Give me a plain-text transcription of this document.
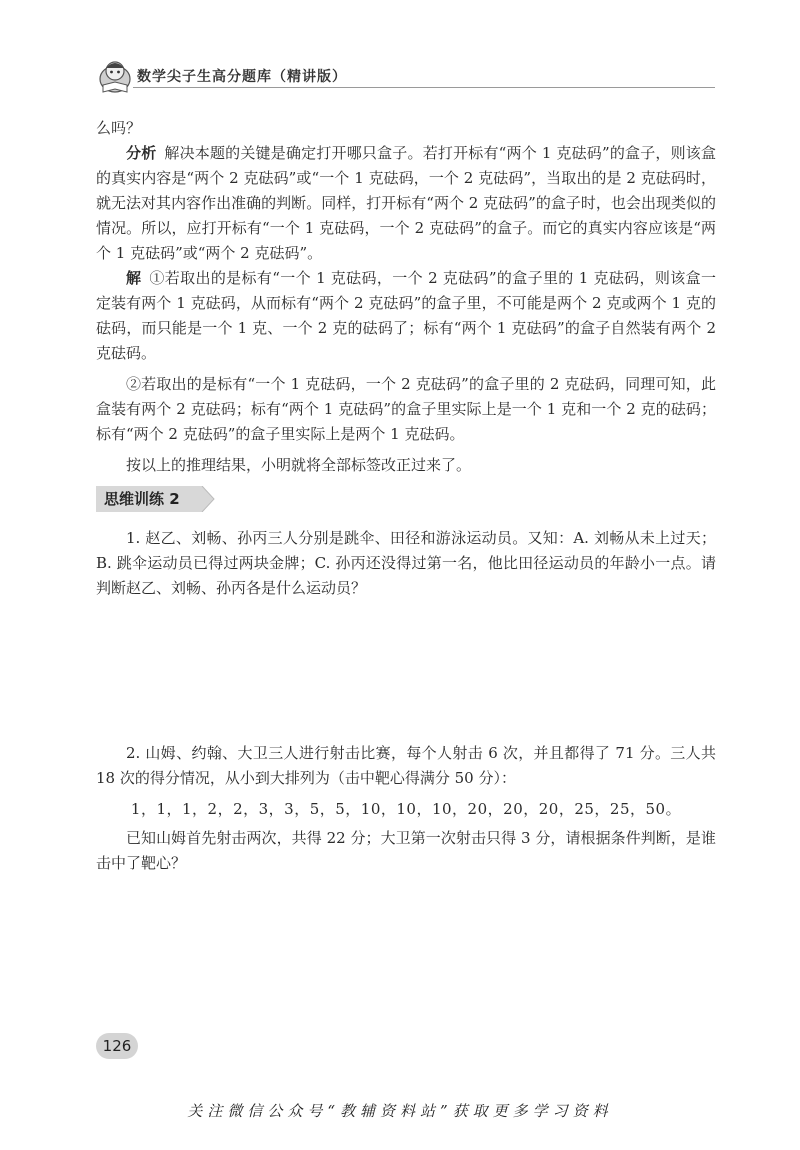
数学尖子生高分题库（精讲版）

么吗？

分析 解决本题的关键是确定打开哪只盒子。若打开标有“两个 1 克砝码”的盒子，则该盒的真实内容是“两个 2 克砝码”或“一个 1 克砝码，一个 2 克砝码”，当取出的是 2 克砝码时，就无法对其内容作出准确的判断。同样，打开标有“两个 2 克砝码”的盒子时，也会出现类似的情况。所以，应打开标有“一个 1 克砝码，一个 2 克砝码”的盒子。而它的真实内容应该是“两个 1 克砝码”或“两个 2 克砝码”。

解 ①若取出的是标有“一个 1 克砝码，一个 2 克砝码”的盒子里的 1 克砝码，则该盒一定装有两个 1 克砝码，从而标有“两个 2 克砝码”的盒子里，不可能是两个 2 克或两个 1 克的砝码，而只能是一个 1 克、一个 2 克的砝码了；标有“两个 1 克砝码”的盒子自然装有两个 2 克砝码。

②若取出的是标有“一个 1 克砝码，一个 2 克砝码”的盒子里的 2 克砝码，同理可知，此盒装有两个 2 克砝码；标有“两个 1 克砝码”的盒子里实际上是一个 1 克和一个 2 克的砝码；标有“两个 2 克砝码”的盒子里实际上是两个 1 克砝码。

按以上的推理结果，小明就将全部标签改正过来了。

思维训练 2

1. 赵乙、刘畅、孙丙三人分别是跳伞、田径和游泳运动员。又知：A. 刘畅从未上过天；B. 跳伞运动员已得过两块金牌；C. 孙丙还没得过第一名，他比田径运动员的年龄小一点。请判断赵乙、刘畅、孙丙各是什么运动员？

2. 山姆、约翰、大卫三人进行射击比赛，每个人射击 6 次，并且都得了 71 分。三人共 18 次的得分情况，从小到大排列为（击中靶心得满分 50 分）：

1，1，1，2，2，3，3，5，5，10，10，10，20，20，20，25，25，50。

已知山姆首先射击两次，共得 22 分；大卫第一次射击只得 3 分，请根据条件判断，是谁击中了靶心？

126
关注微信公众号“教辅资料站”获取更多学习资料
